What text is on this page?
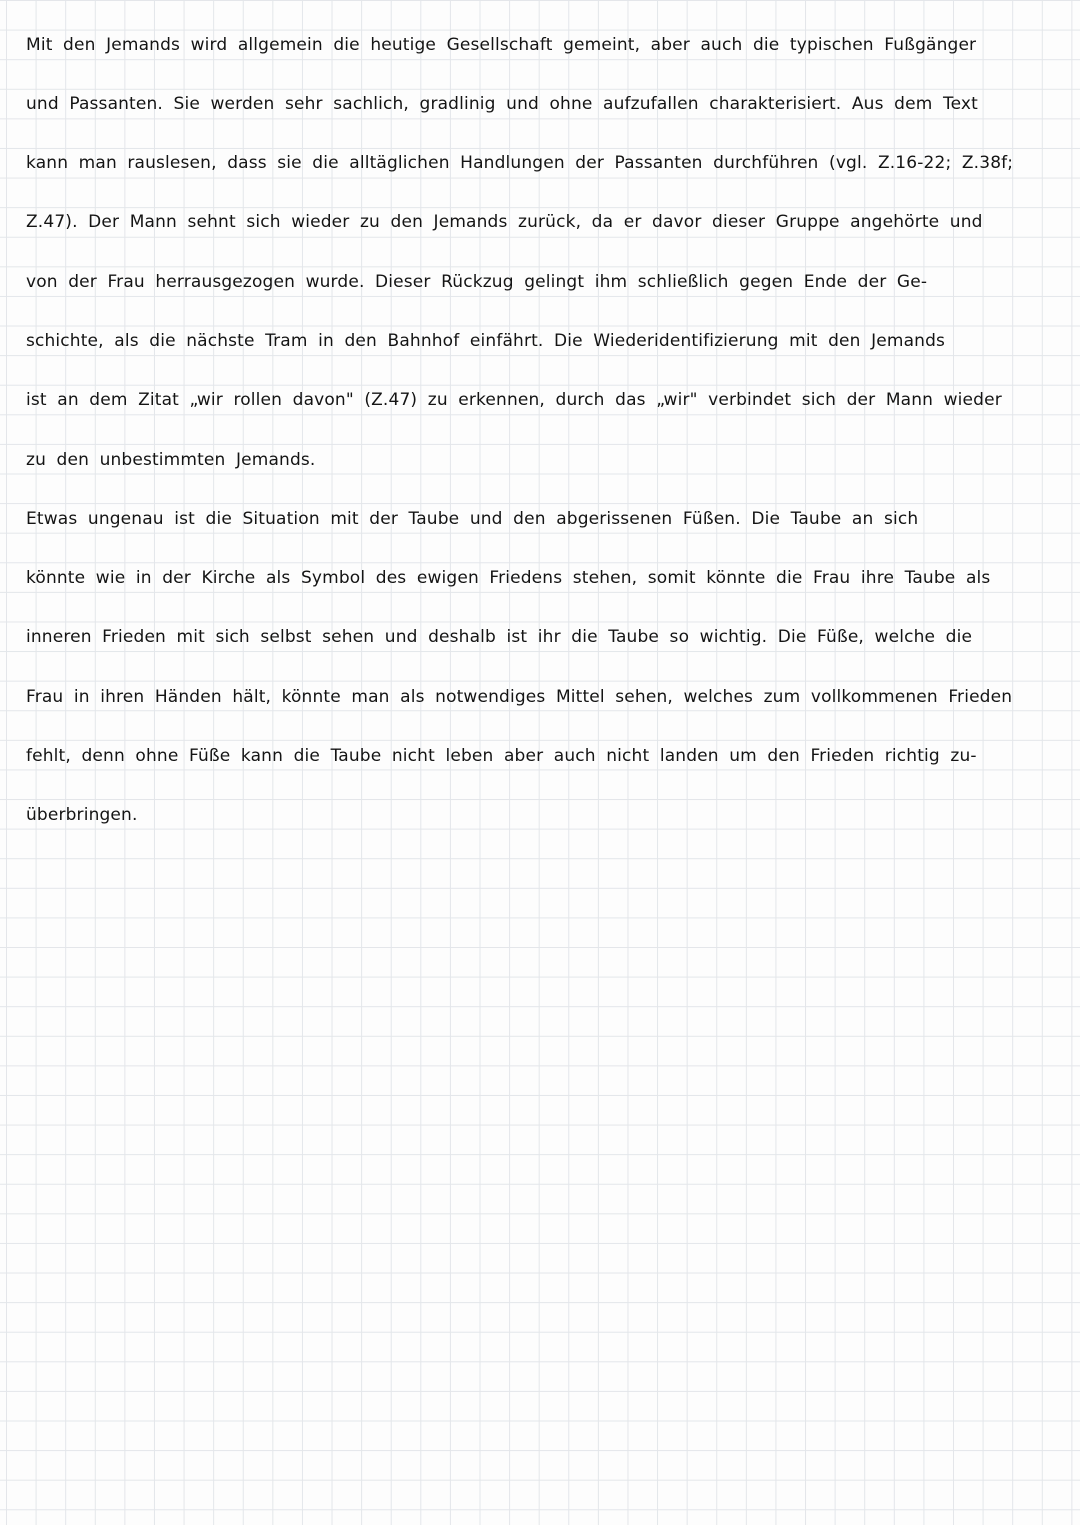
Mit den Jemands wird allgemein die heutige Gesellschaft gemeint, aber auch die typischen Fußgänger
und Passanten. Sie werden sehr sachlich, gradlinig und ohne aufzufallen charakterisiert. Aus dem Text
kann man rauslesen, dass sie die alltäglichen Handlungen der Passanten durchführen (vgl. Z.16-22; Z.38f;
Z.47). Der Mann sehnt sich wieder zu den Jemands zurück, da er davor dieser Gruppe angehörte und
von der Frau herrausgezogen wurde. Dieser Rückzug gelingt ihm schließlich gegen Ende der Ge-
schichte, als die nächste Tram in den Bahnhof einfährt. Die Wiederidentifizierung mit den Jemands
ist an dem Zitat „wir rollen davon" (Z.47) zu erkennen, durch das „wir" verbindet sich der Mann wieder
zu den unbestimmten Jemands.
Etwas ungenau ist die Situation mit der Taube und den abgerissenen Füßen. Die Taube an sich
könnte wie in der Kirche als Symbol des ewigen Friedens stehen, somit könnte die Frau ihre Taube als
inneren Frieden mit sich selbst sehen und deshalb ist ihr die Taube so wichtig. Die Füße, welche die
Frau in ihren Händen hält, könnte man als notwendiges Mittel sehen, welches zum vollkommenen Frieden
fehlt, denn ohne Füße kann die Taube nicht leben aber auch nicht landen um den Frieden richtig zu-
überbringen.
